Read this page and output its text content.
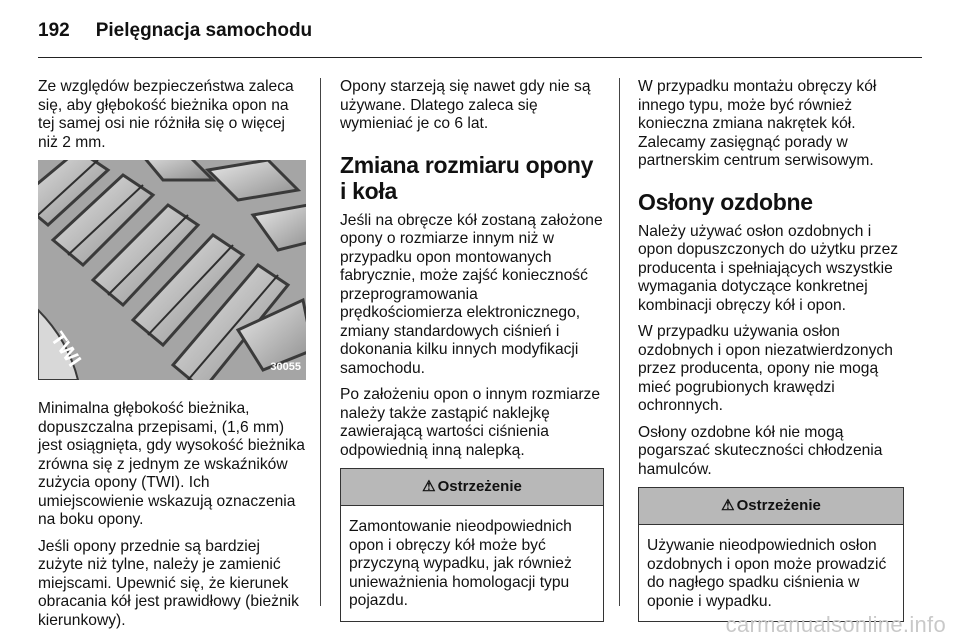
192 Pielęgnacja samochodu

Ze względów bezpieczeństwa zaleca się, aby głębokość bieżnika opon na tej samej osi nie różniła się o więcej niż 2 mm.

TWI	30055

Minimalna głębokość bieżnika, dopuszczalna przepisami, (1,6 mm) jest osiągnięta, gdy wysokość bieżnika zrówna się z jednym ze wskaźników zużycia opony (TWI). Ich umiejscowienie wskazują oznaczenia na boku opony.

Jeśli opony przednie są bardziej zużyte niż tylne, należy je zamienić miejscami. Upewnić się, że kierunek obracania kół jest prawidłowy (bieżnik kierunkowy).

Opony starzeją się nawet gdy nie są używane. Dlatego zaleca się wymieniać je co 6 lat.

Zmiana rozmiaru opony i koła

Jeśli na obręcze kół zostaną założone opony o rozmiarze innym niż w przypadku opon montowanych fabrycznie, może zajść konieczność przeprogramowania prędkościomierza elektronicznego, zmiany standardowych ciśnień i dokonania kilku innych modyfikacji samochodu.

Po założeniu opon o innym rozmiarze należy także zastąpić naklejkę zawierającą wartości ciśnienia odpowiednią inną nalepką.

⚠ Ostrzeżenie
Zamontowanie nieodpowiednich opon i obręczy kół może być przyczyną wypadku, jak również unieważnienia homologacji typu pojazdu.

W przypadku montażu obręczy kół innego typu, może być również konieczna zmiana nakrętek kół. Zalecamy zasięgnąć porady w partnerskim centrum serwisowym.

Osłony ozdobne

Należy używać osłon ozdobnych i opon dopuszczonych do użytku przez producenta i spełniających wszystkie wymagania dotyczące konkretnej kombinacji obręczy kół i opon.

W przypadku używania osłon ozdobnych i opon niezatwierdzonych przez producenta, opony nie mogą mieć pogrubionych krawędzi ochronnych.

Osłony ozdobne kół nie mogą pogarszać skuteczności chłodzenia hamulców.

⚠ Ostrzeżenie
Używanie nieodpowiednich osłon ozdobnych i opon może prowadzić do nagłego spadku ciśnienia w oponie i wypadku.
carmanualsonline.info
